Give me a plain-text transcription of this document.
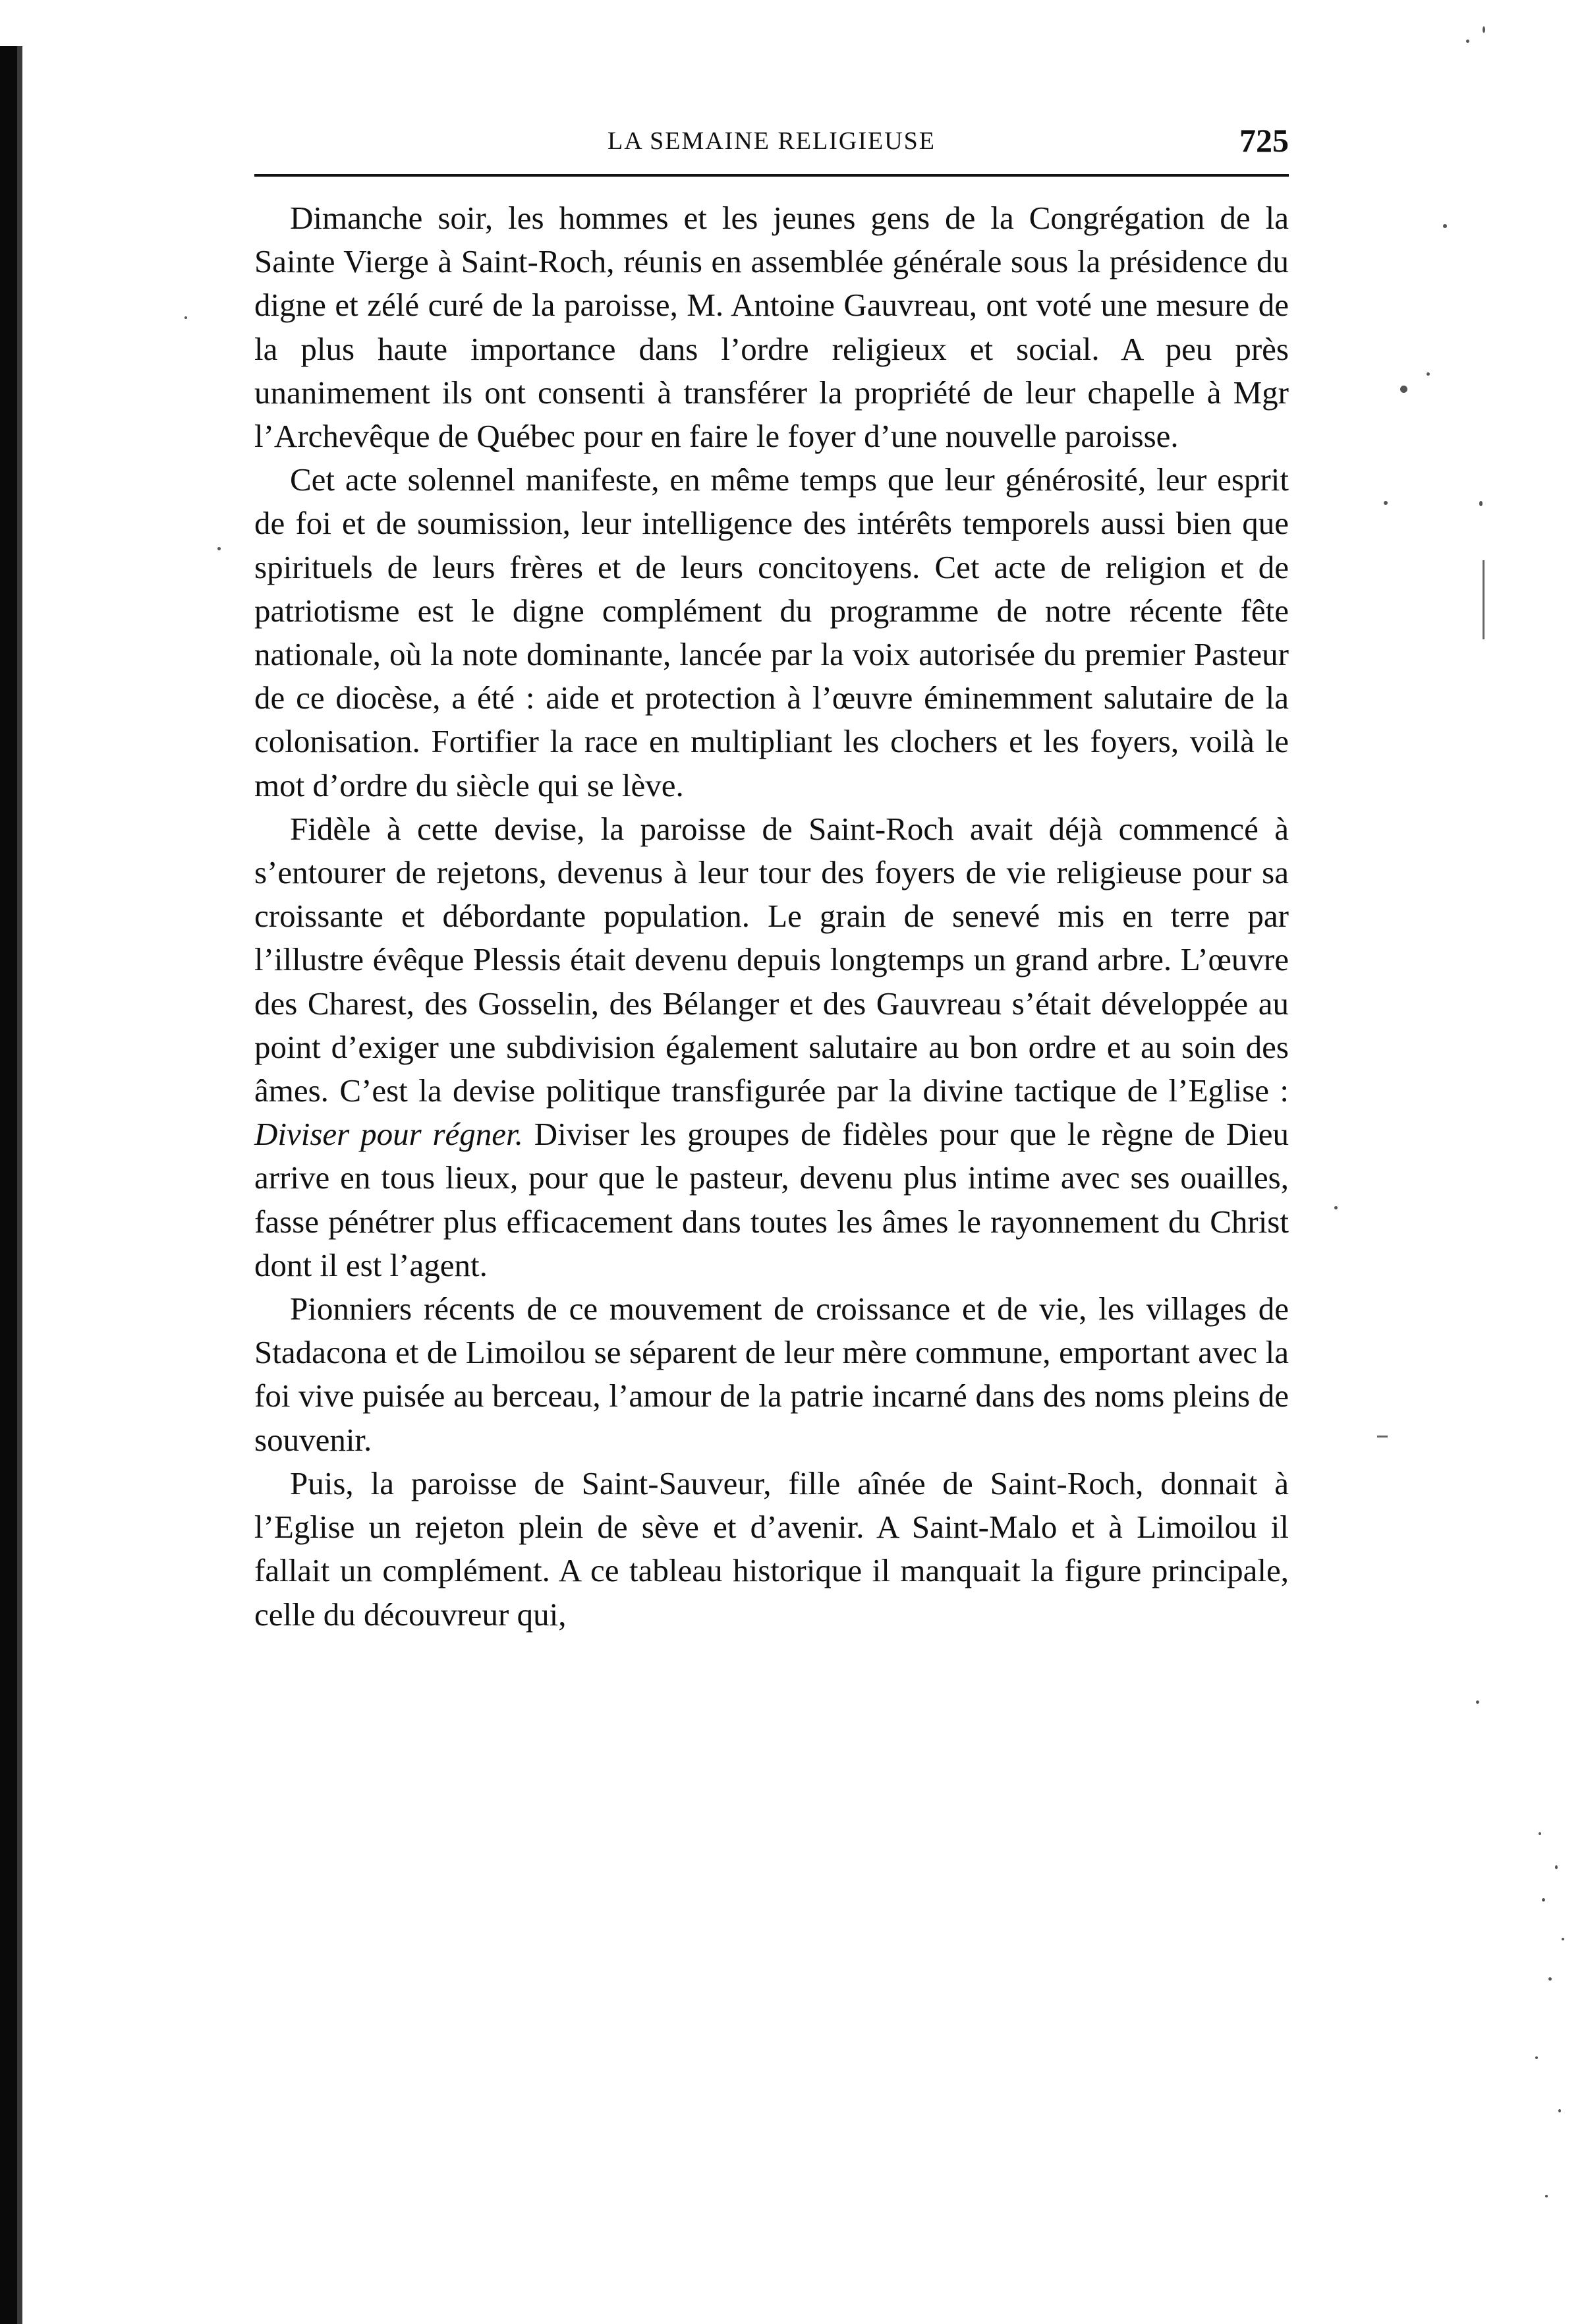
LA SEMAINE RELIGIEUSE	725

Dimanche soir, les hommes et les jeunes gens de la Congrégation de la Sainte Vierge à Saint-Roch, réunis en assemblée générale sous la présidence du digne et zélé curé de la paroisse, M. Antoine Gauvreau, ont voté une mesure de la plus haute importance dans l’ordre religieux et social. A peu près unanimement ils ont consenti à transférer la propriété de leur chapelle à Mgr l’Archevêque de Québec pour en faire le foyer d’une nouvelle paroisse.

Cet acte solennel manifeste, en même temps que leur générosité, leur esprit de foi et de soumission, leur intelligence des intérêts temporels aussi bien que spirituels de leurs frères et de leurs concitoyens. Cet acte de religion et de patriotisme est le digne complément du programme de notre récente fête nationale, où la note dominante, lancée par la voix autorisée du premier Pasteur de ce diocèse, a été : aide et protection à l’œuvre éminemment salutaire de la colonisation. Fortifier la race en multipliant les clochers et les foyers, voilà le mot d’ordre du siècle qui se lève.

Fidèle à cette devise, la paroisse de Saint-Roch avait déjà commencé à s’entourer de rejetons, devenus à leur tour des foyers de vie religieuse pour sa croissante et débordante population. Le grain de senevé mis en terre par l’illustre évêque Plessis était devenu depuis longtemps un grand arbre. L’œuvre des Charest, des Gosselin, des Bélanger et des Gauvreau s’était développée au point d’exiger une subdivision également salutaire au bon ordre et au soin des âmes. C’est la devise politique transfigurée par la divine tactique de l’Eglise : Diviser pour régner. Diviser les groupes de fidèles pour que le règne de Dieu arrive en tous lieux, pour que le pasteur, devenu plus intime avec ses ouailles, fasse pénétrer plus efficacement dans toutes les âmes le rayonnement du Christ dont il est l’agent.

Pionniers récents de ce mouvement de croissance et de vie, les villages de Stadacona et de Limoilou se séparent de leur mère commune, emportant avec la foi vive puisée au berceau, l’amour de la patrie incarné dans des noms pleins de souvenir.

Puis, la paroisse de Saint-Sauveur, fille aînée de Saint-Roch, donnait à l’Eglise un rejeton plein de sève et d’avenir. A Saint-Malo et à Limoilou il fallait un complément. A ce tableau historique il manquait la figure principale, celle du découvreur qui,
